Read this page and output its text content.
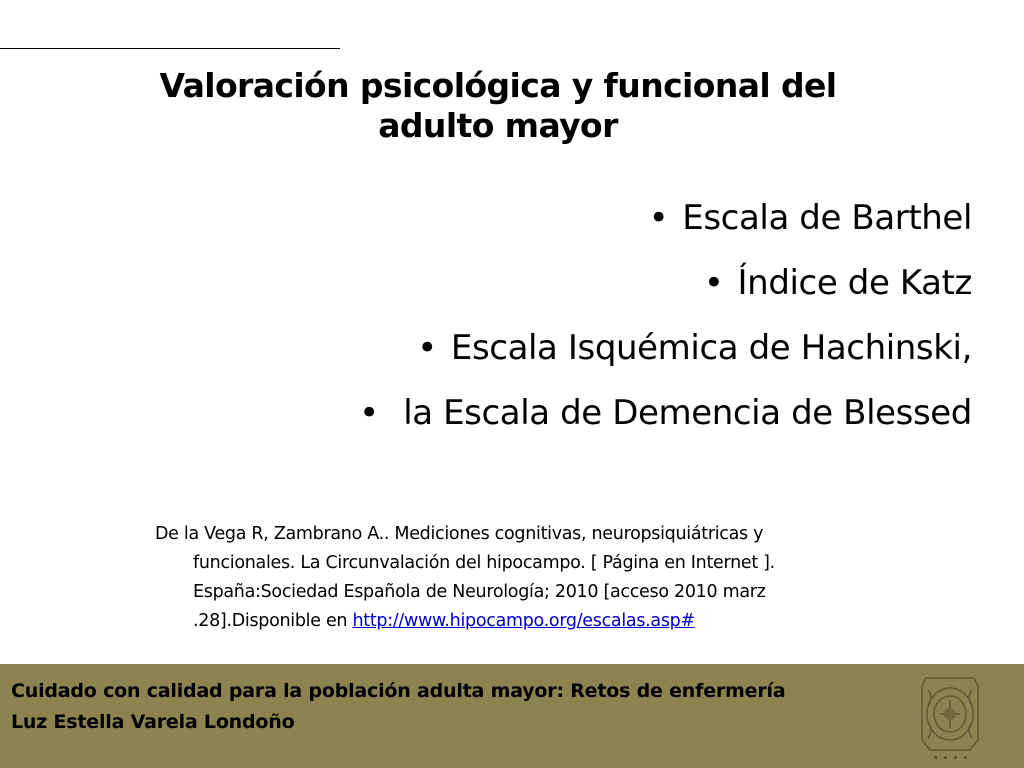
Valoración psicológica y funcional del
adulto mayor
• Escala de Barthel
• Índice de Katz
• Escala Isquémica de Hachinski,
• la Escala de Demencia de Blessed
De la Vega R, Zambrano A.. Mediciones cognitivas, neuropsiquiátricas y
funcionales. La Circunvalación del hipocampo. [ Página en Internet ].
España:Sociedad Española de Neurología; 2010 [acceso 2010 marz
.28].Disponible en http://www.hipocampo.org/escalas.asp#
Cuidado con calidad para la población adulta mayor: Retos de enfermería
Luz Estella Varela Londoño
